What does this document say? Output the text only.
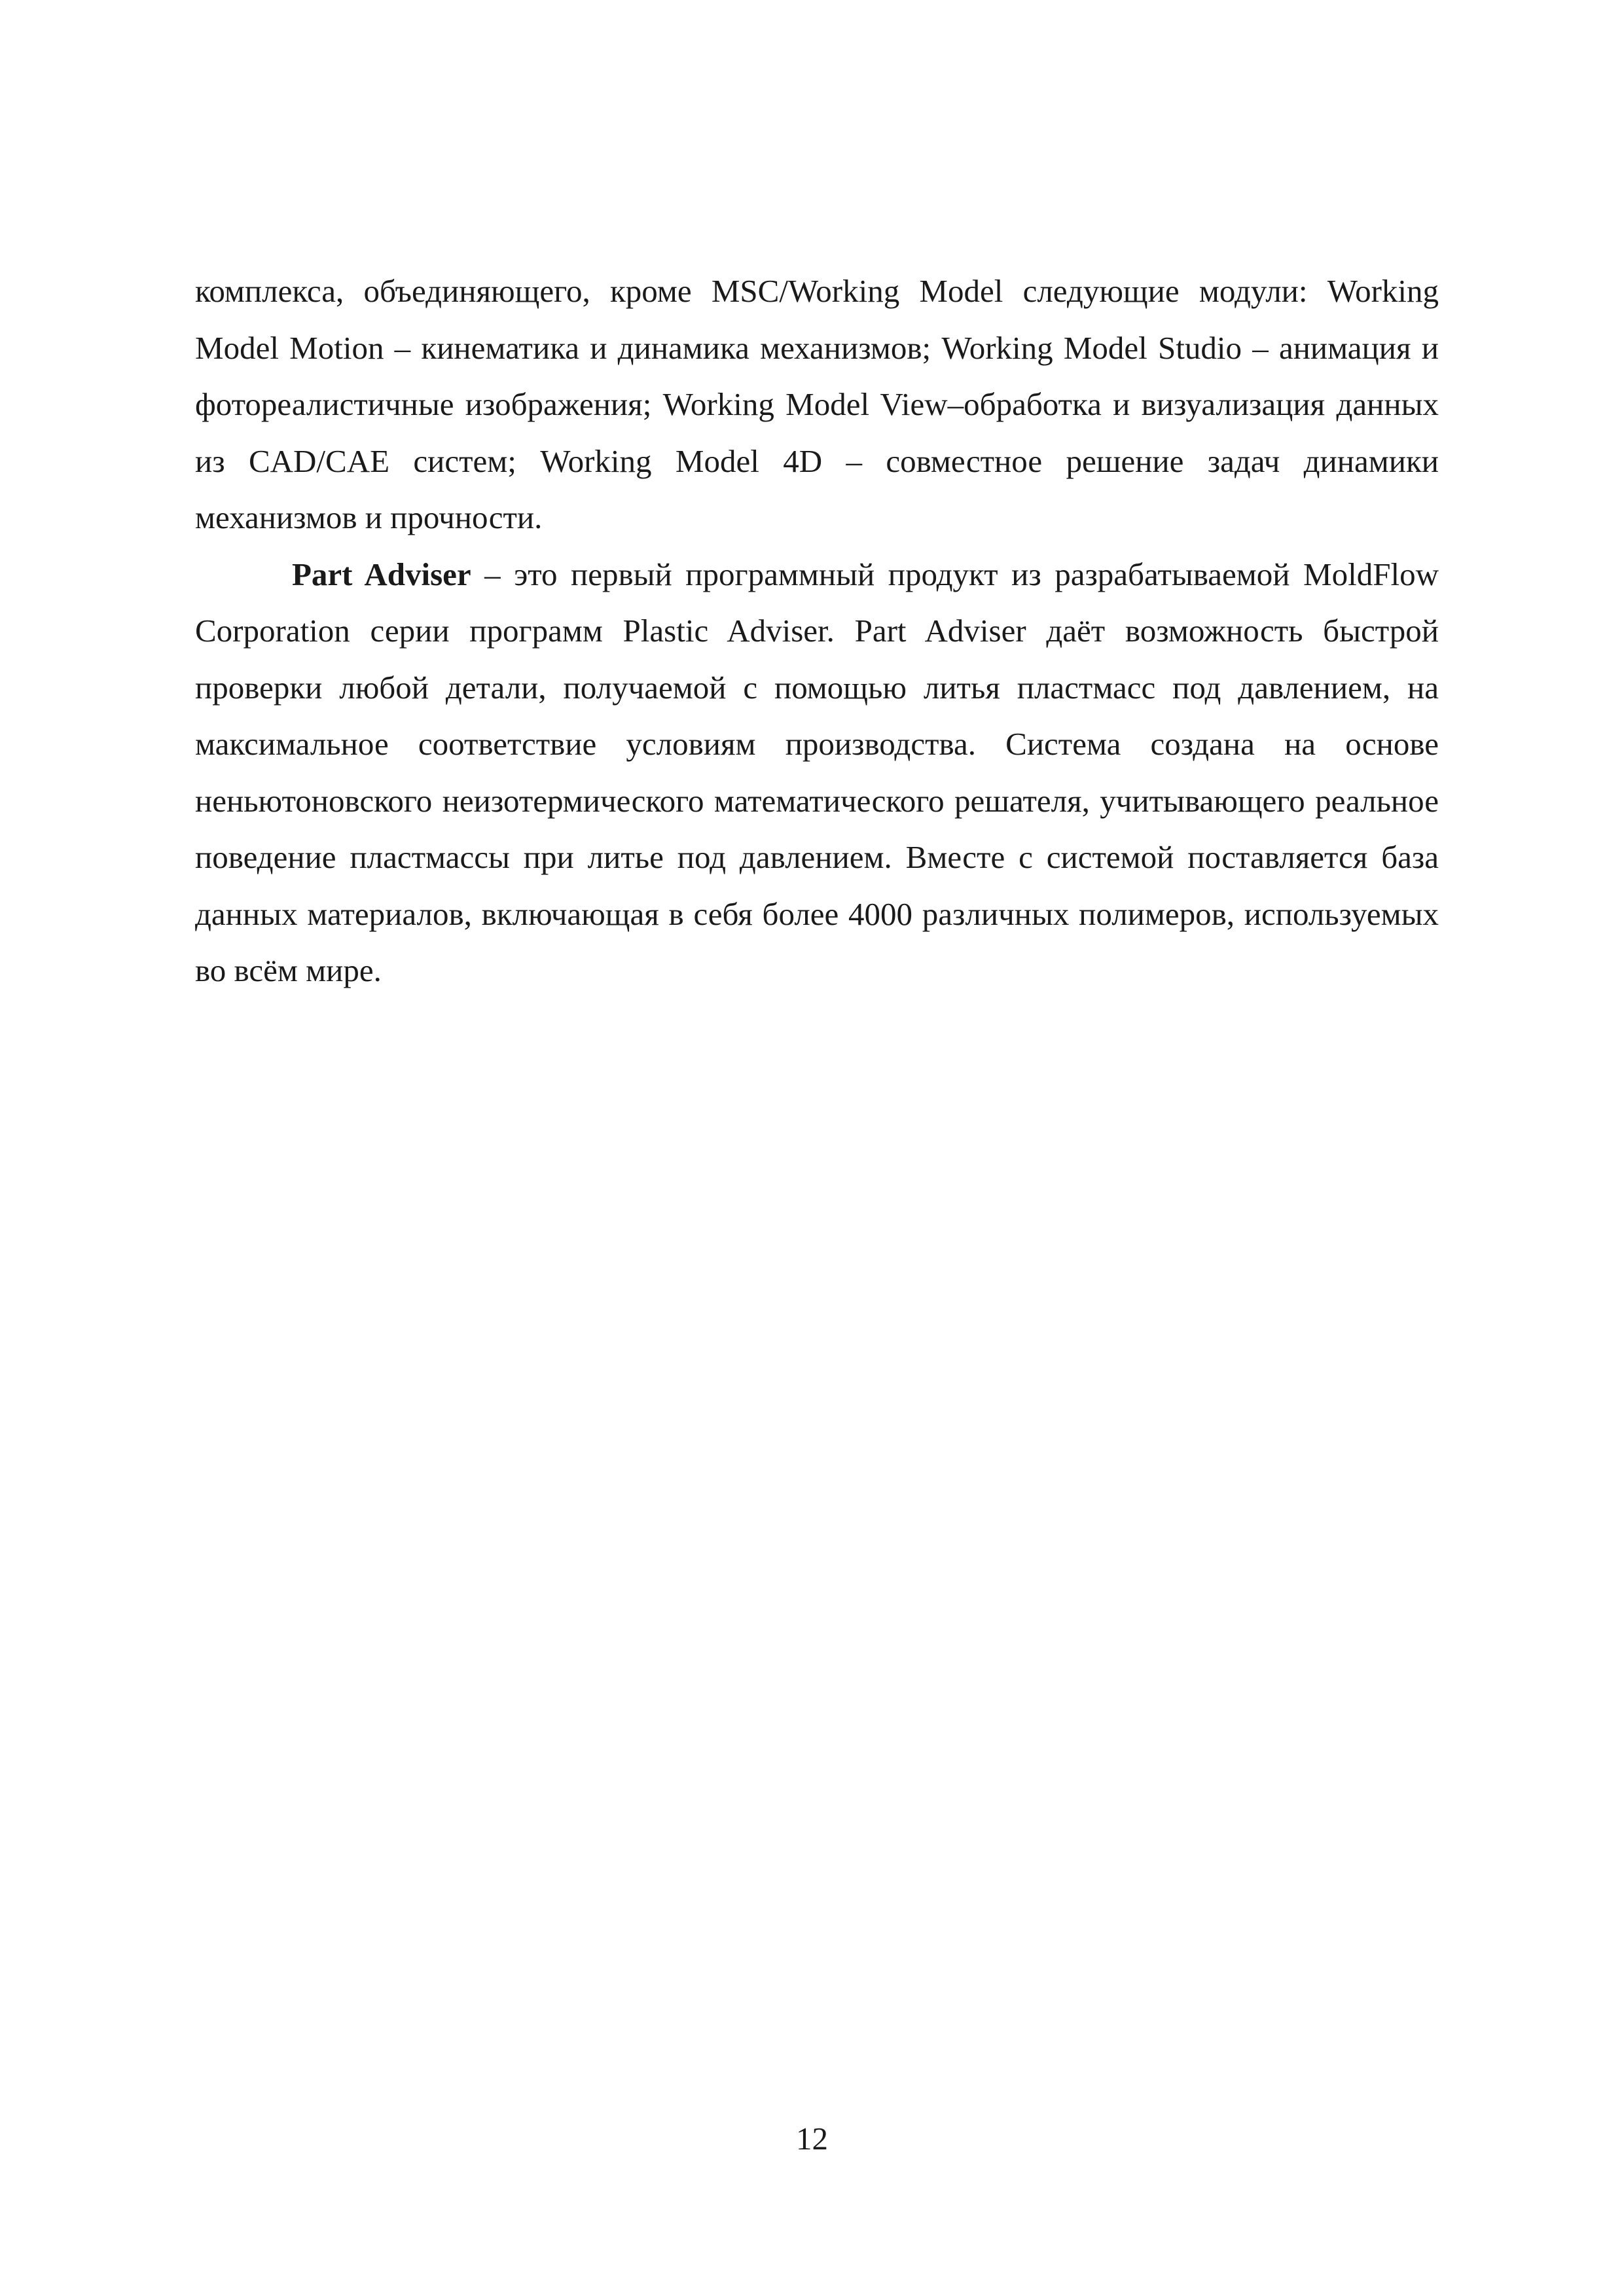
комплекса, объединяющего, кроме MSC/Working Model следующие модули: Working Model Motion – кинематика и динамика механизмов; Working Model Studio – анимация и фотореалистичные изображения; Working Model View–обработка и визуализация данных из CAD/CAE систем; Working Model 4D – совместное решение задач динамики механизмов и прочности.

Part Adviser – это первый программный продукт из разрабатываемой MoldFlow Corporation серии программ Plastic Adviser. Part Adviser даёт возможность быстрой проверки любой детали, получаемой с помощью литья пластмасс под давлением, на максимальное соответствие условиям производства. Система создана на основе неньютоновского неизотермического математического решателя, учитывающего реальное поведение пластмассы при литье под давлением. Вместе с системой поставляется база данных материалов, включающая в себя более 4000 различных полимеров, используемых во всём мире.

12
